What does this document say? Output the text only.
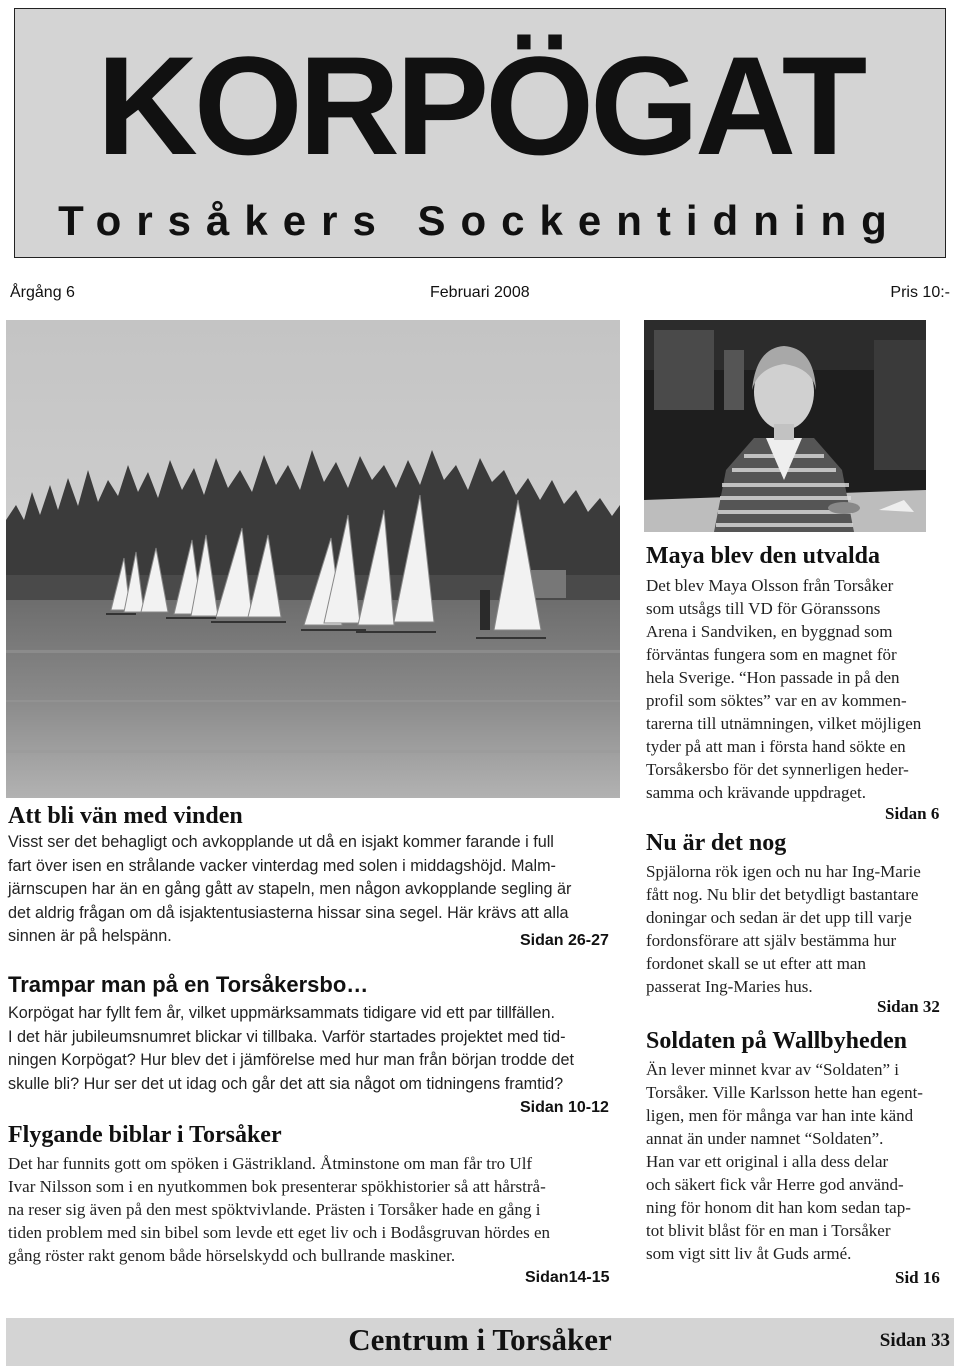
KORPÖGAT
Torsåkers Sockentidning
Årgång 6	Februari 2008	Pris 10:-
Att bli vän med vinden
Visst ser det behagligt och avkopplande ut då en isjakt kommer farande i full
fart över isen en strålande vacker vinterdag med solen i middagshöjd. Malm-
järnscupen har än en gång gått av stapeln, men någon avkopplande segling är
det aldrig frågan om då isjaktentusiasterna hissar sina segel. Här krävs att alla
sinnen är på helspänn.	Sidan 26-27
Trampar man på en Torsåkersbo…
Korpögat har fyllt fem år, vilket uppmärksammats tidigare vid ett par tillfällen.
I det här jubileumsnumret blickar vi tillbaka. Varför startades projektet med tid-
ningen Korpögat? Hur blev det i jämförelse med hur man från början trodde det
skulle bli? Hur ser det ut idag och går det att sia något om tidningens framtid?
Sidan 10-12
Flygande biblar i Torsåker
Det har funnits gott om spöken i Gästrikland. Åtminstone om man får tro Ulf
Ivar Nilsson som i en nyutkommen bok presenterar spökhistorier så att hårstrå-
na reser sig även på den mest spöktvivlande. Prästen i Torsåker hade en gång i
tiden problem med sin bibel som levde ett eget liv och i Bodåsgruvan hördes en
gång röster rakt genom både hörselskydd och bullrande maskiner.
Sidan14-15
Maya blev den utvalda
Det blev Maya Olsson från Torsåker
som utsågs till VD för Göranssons
Arena i Sandviken, en byggnad som
förväntas fungera som en magnet för
hela Sverige. “Hon passade in på den
profil som söktes” var en av kommen-
tarerna till utnämningen, vilket möjligen
tyder på att man i första hand sökte en
Torsåkersbo för det synnerligen heder-
samma och krävande uppdraget.
Sidan 6
Nu är det nog
Spjälorna rök igen och nu har Ing-Marie
fått nog. Nu blir det betydligt bastantare
doningar och sedan är det upp till varje
fordonsförare att själv bestämma hur
fordonet skall se ut efter att man
passerat Ing-Maries hus.
Sidan 32
Soldaten på Wallbyheden
Än lever minnet kvar av “Soldaten” i
Torsåker. Ville Karlsson hette han egent-
ligen, men för många var han inte känd
annat än under namnet “Soldaten”.
Han var ett original i alla dess delar
och säkert fick vår Herre god använd-
ning för honom dit han kom sedan tap-
tot blivit blåst för en man i Torsåker
som vigt sitt liv åt Guds armé.
Sid 16
Centrum i Torsåker	Sidan 33
